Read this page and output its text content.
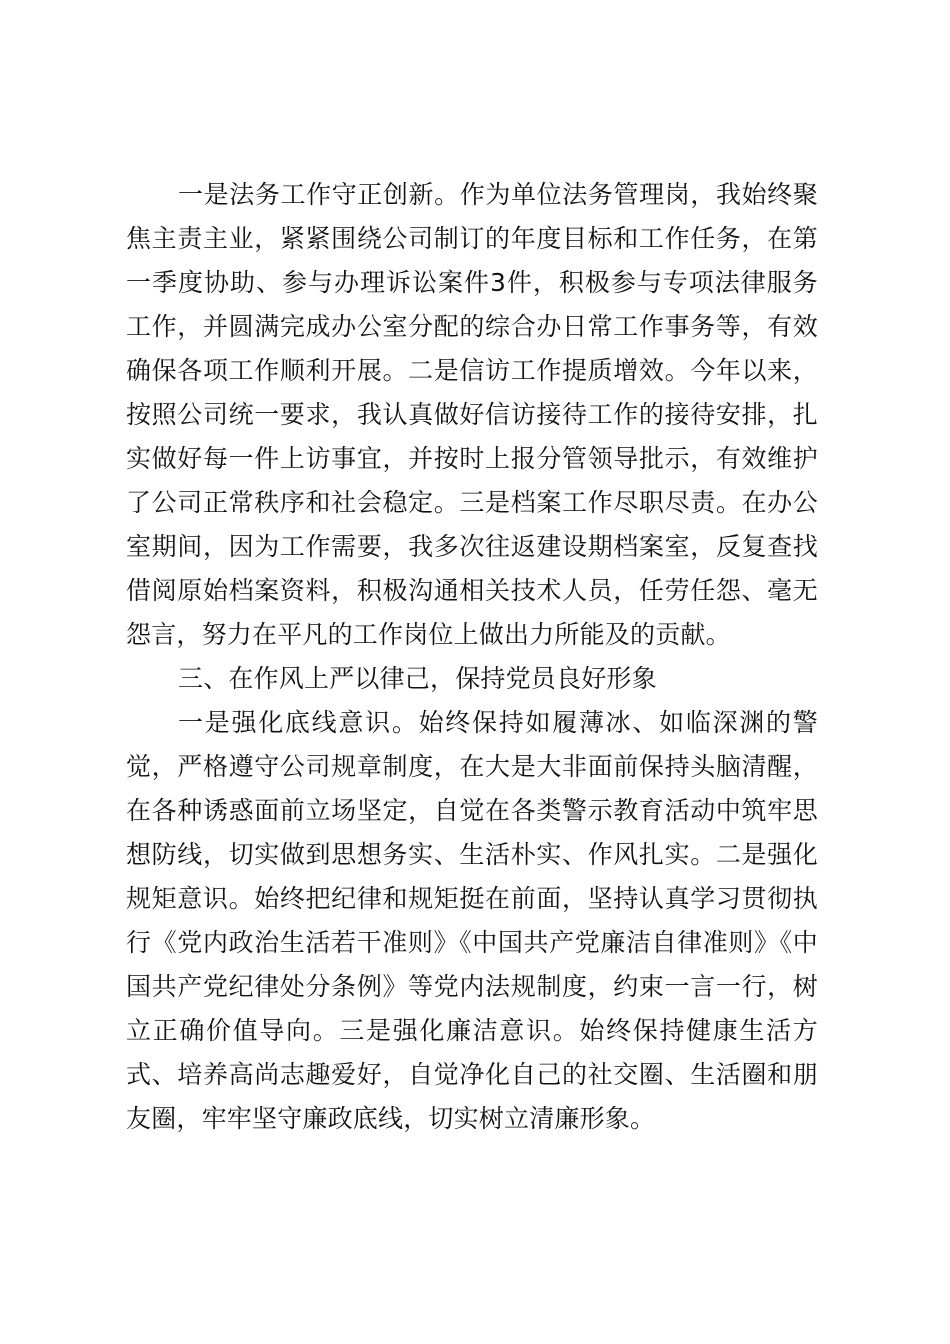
一是法务工作守正创新。作为单位法务管理岗，我始终聚焦主责主业，紧紧围绕公司制订的年度目标和工作任务，在第一季度协助、参与办理诉讼案件3件，积极参与专项法律服务工作，并圆满完成办公室分配的综合办日常工作事务等，有效确保各项工作顺利开展。二是信访工作提质增效。今年以来，按照公司统一要求，我认真做好信访接待工作的接待安排，扎实做好每一件上访事宜，并按时上报分管领导批示，有效维护了公司正常秩序和社会稳定。三是档案工作尽职尽责。在办公室期间，因为工作需要，我多次往返建设期档案室，反复查找借阅原始档案资料，积极沟通相关技术人员，任劳任怨、毫无怨言，努力在平凡的工作岗位上做出力所能及的贡献。

三、在作风上严以律己，保持党员良好形象

一是强化底线意识。始终保持如履薄冰、如临深渊的警觉，严格遵守公司规章制度，在大是大非面前保持头脑清醒，在各种诱惑面前立场坚定，自觉在各类警示教育活动中筑牢思想防线，切实做到思想务实、生活朴实、作风扎实。二是强化规矩意识。始终把纪律和规矩挺在前面，坚持认真学习贯彻执行《党内政治生活若干准则》《中国共产党廉洁自律准则》《中国共产党纪律处分条例》等党内法规制度，约束一言一行，树立正确价值导向。三是强化廉洁意识。始终保持健康生活方式、培养高尚志趣爱好，自觉净化自己的社交圈、生活圈和朋友圈，牢牢坚守廉政底线，切实树立清廉形象。
